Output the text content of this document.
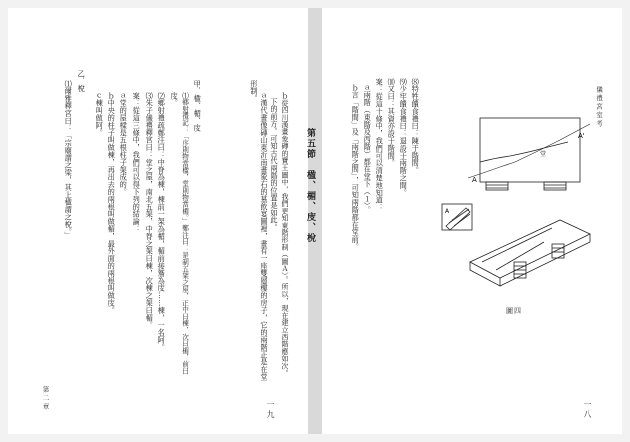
形制。
ａ漢代畫像磚山東沂南畫象石的墓飲宴圖裡，畫有一座雙層樓的房子，它的兩階正是在堂 下的前方。可知古代兩階的位置是如此。 ｂ從四川漢畫象磚的寶王圖中，我們更知東階形制（圖Ａ）。所以，現在建立西階應如次。 第五節　楹、楣、庋、梲
甲．楹、楣、庋
⑴鄉射禮記：「序則物當楹，堂則物當楣。」鄭注曰：是制五架之屋，正中曰楝，次曰楣，前曰
庋。
⑵鄉射禮疏鄭注曰：中脊為棟，棟前一架為楣，楣前接簷為庋……棟，一名阿。
⑶朱子儀禮釋宮曰：堂之屋，南北五架，中脊之架曰棟，次棟之架曰楣。
案：從這三條中，我們可以得下列的結論：
ａ堂的屋樑是五根柱子架成的。
ｂ中央的柱子叫做棟，再出去的兩根叫做楣，最外面的兩根叫做庋。
ｃ棟叫做阿。
乙．梲
⑴爾雅釋宮曰：「宗廟謂之梁，其上楹謂之梲。」
第二章	一九
儀禮宮室考
⑻特牲饋食禮曰：陳于階間。
⑼少牢饋食禮曰：退設于兩階之間。
⑽又曰：其資亦設于階間。
案：從這十條中，我們可以清楚地知道：
ａ兩階（東階及西階）都在堂下（１）。
ｂ言「階間」及「兩階之間」，可知兩階都在堂前。	A
A'
堂
A
圖四
一八
